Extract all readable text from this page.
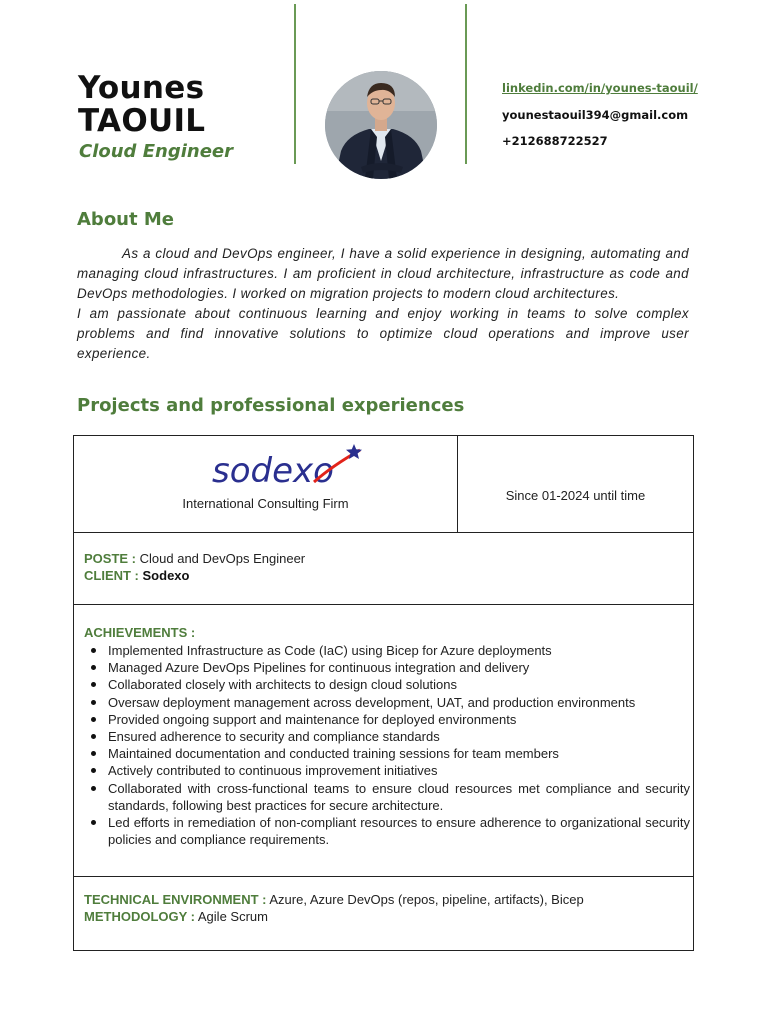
Younes
TAOUIL
Cloud Engineer
linkedin.com/in/younes-taouil/
younestaouil394@gmail.com
+212688722527
About Me

As a cloud and DevOps engineer, I have a solid experience in designing, automating and managing cloud infrastructures. I am proficient in cloud architecture, infrastructure as code and DevOps methodologies. I worked on migration projects to modern cloud architectures.

I am passionate about continuous learning and enjoy working in teams to solve complex problems and find innovative solutions to optimize cloud operations and improve user experience.

Projects and professional experiences
sodexo
International Consulting Firm
Since 01-2024 until time
POSTE : Cloud and DevOps Engineer
CLIENT : Sodexo
ACHIEVEMENTS :
Implemented Infrastructure as Code (IaC) using Bicep for Azure deployments
Managed Azure DevOps Pipelines for continuous integration and delivery
Collaborated closely with architects to design cloud solutions
Oversaw deployment management across development, UAT, and production environments
Provided ongoing support and maintenance for deployed environments
Ensured adherence to security and compliance standards
Maintained documentation and conducted training sessions for team members
Actively contributed to continuous improvement initiatives
Collaborated with cross-functional teams to ensure cloud resources met compliance and security standards, following best practices for secure architecture.
Led efforts in remediation of non-compliant resources to ensure adherence to organizational security policies and compliance requirements.
TECHNICAL ENVIRONMENT : Azure, Azure DevOps (repos, pipeline, artifacts), Bicep
METHODOLOGY : Agile Scrum
